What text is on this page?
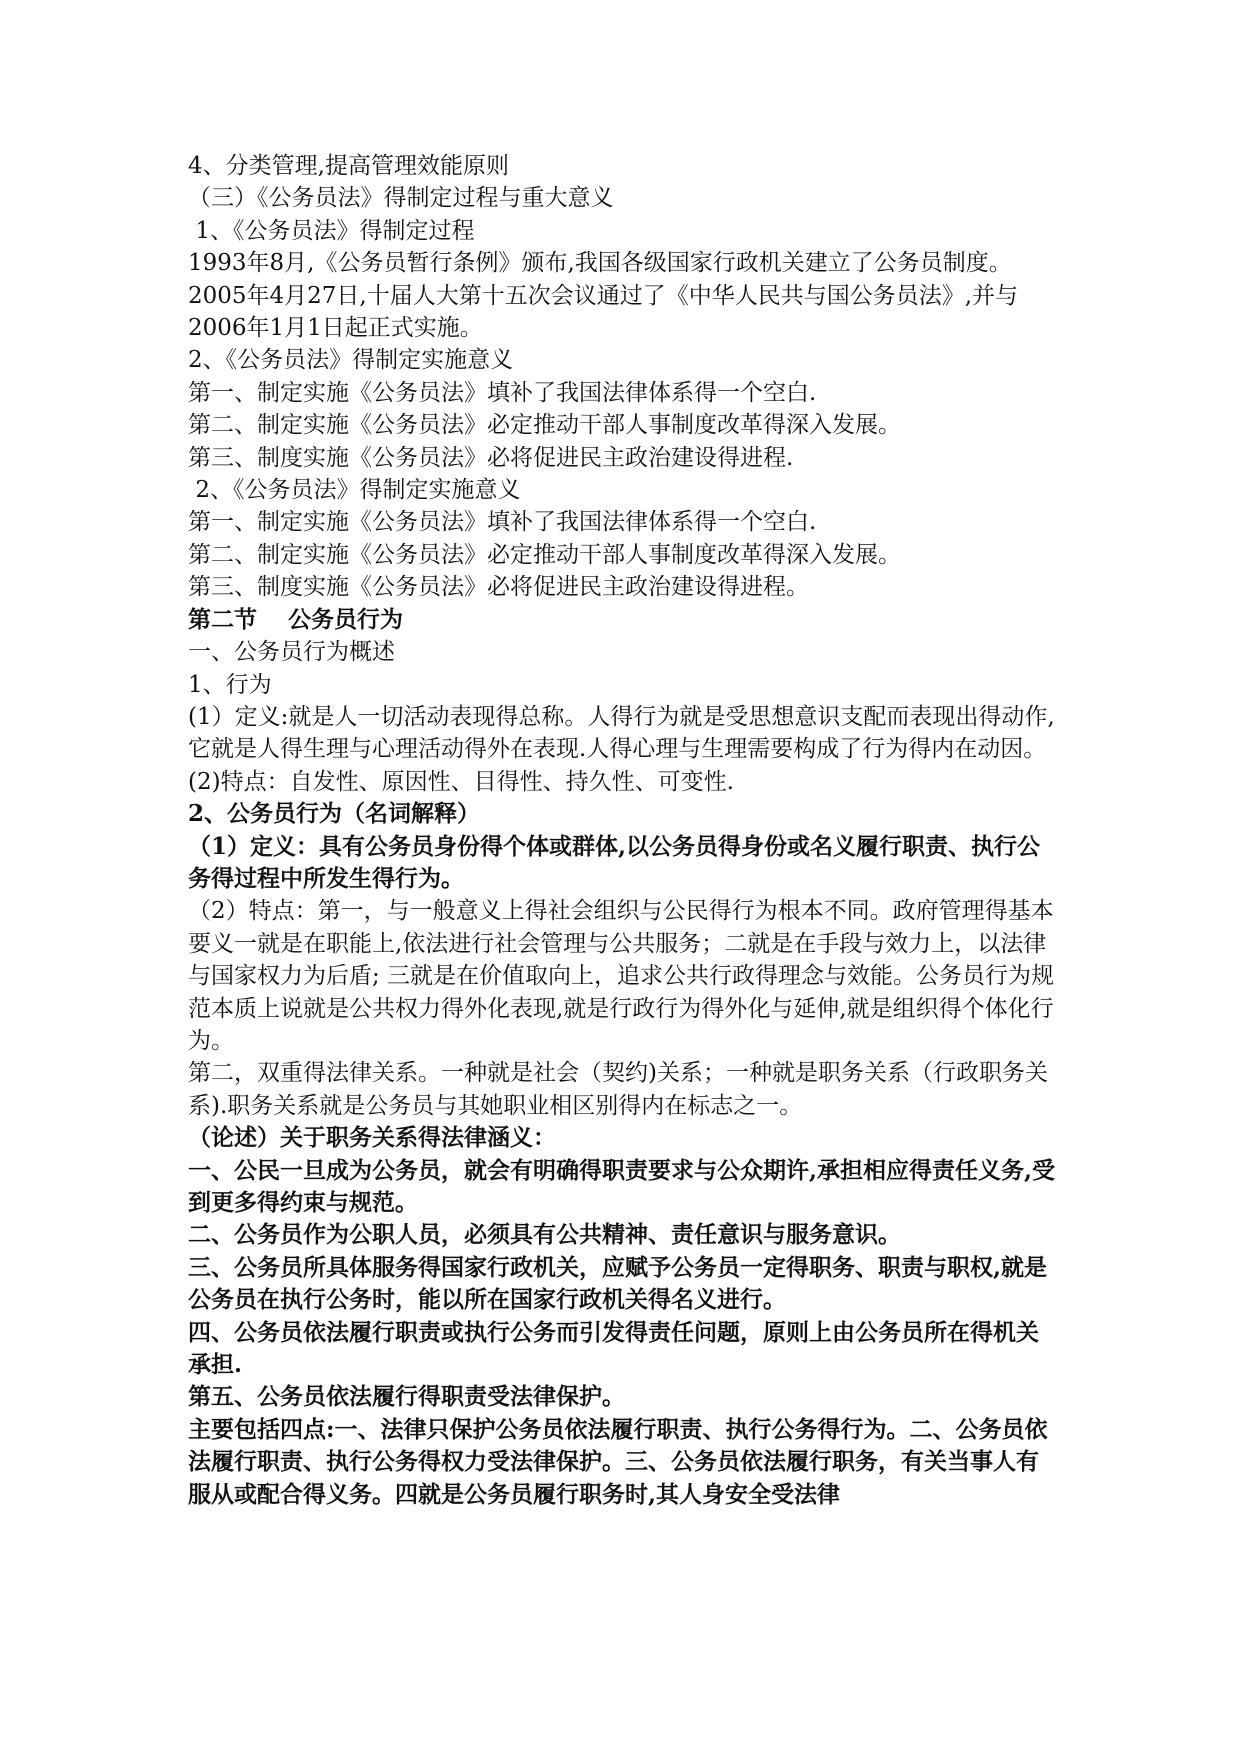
4、分类管理,提高管理效能原则

（三）《公务员法》得制定过程与重大意义

1、《公务员法》得制定过程

1993年8月,《公务员暂行条例》颁布,我国各级国家行政机关建立了公务员制度。

2005年4月27日,十届人大第十五次会议通过了《中华人民共与国公务员法》,并与2006年1月1日起正式实施。

2、《公务员法》得制定实施意义

第一、制定实施《公务员法》填补了我国法律体系得一个空白.

第二、制定实施《公务员法》必定推动干部人事制度改革得深入发展。

第三、制度实施《公务员法》必将促进民主政治建设得进程.

2、《公务员法》得制定实施意义

第一、制定实施《公务员法》填补了我国法律体系得一个空白.

第二、制定实施《公务员法》必定推动干部人事制度改革得深入发展。

第三、制度实施《公务员法》必将促进民主政治建设得进程。

第二节　 公务员行为

一、公务员行为概述

1、行为

(1）定义:就是人一切活动表现得总称。人得行为就是受思想意识支配而表现出得动作,它就是人得生理与心理活动得外在表现.人得心理与生理需要构成了行为得内在动因。

(2)特点：自发性、原因性、目得性、持久性、可变性.

2、公务员行为（名词解释）

（1）定义：具有公务员身份得个体或群体,以公务员得身份或名义履行职责、执行公务得过程中所发生得行为。

（2）特点：第一，与一般意义上得社会组织与公民得行为根本不同。政府管理得基本要义一就是在职能上,依法进行社会管理与公共服务；二就是在手段与效力上，以法律与国家权力为后盾; 三就是在价值取向上，追求公共行政得理念与效能。公务员行为规范本质上说就是公共权力得外化表现,就是行政行为得外化与延伸,就是组织得个体化行为。

第二，双重得法律关系。一种就是社会（契约)关系；一种就是职务关系（行政职务关系).职务关系就是公务员与其她职业相区别得内在标志之一。

（论述）关于职务关系得法律涵义：

一、公民一旦成为公务员，就会有明确得职责要求与公众期许,承担相应得责任义务,受到更多得约束与规范。

二、公务员作为公职人员，必须具有公共精神、责任意识与服务意识。

三、公务员所具体服务得国家行政机关，应赋予公务员一定得职务、职责与职权,就是公务员在执行公务时，能以所在国家行政机关得名义进行。

四、公务员依法履行职责或执行公务而引发得责任问题，原则上由公务员所在得机关承担.

第五、公务员依法履行得职责受法律保护。

主要包括四点:一、法律只保护公务员依法履行职责、执行公务得行为。二、公务员依法履行职责、执行公务得权力受法律保护。三、公务员依法履行职务，有关当事人有服从或配合得义务。四就是公务员履行职务时,其人身安全受法律
